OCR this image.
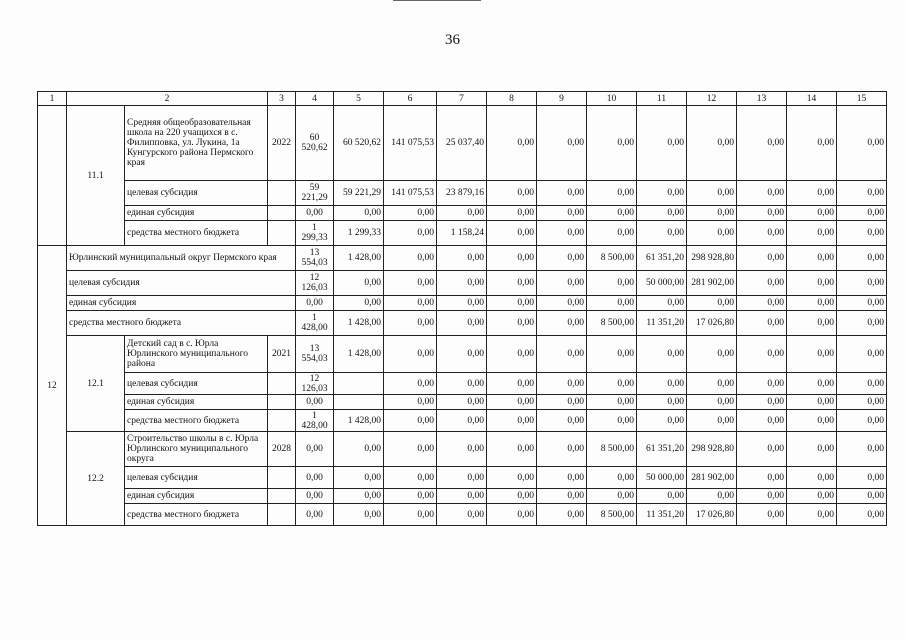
36
1	2		3	4	5	6	7	8	9	10	11	12	13	14	15
	11.1	Средняя общеобразовательная школа на 220 учащихся в с. Филипповка, ул. Лукина, 1а Кунгурского района Пермского края	2022	60 520,62	60 520,62	141 075,53	25 037,40	0,00	0,00	0,00	0,00	0,00	0,00	0,00	0,00
		целевая субсидия		59 221,29	59 221,29	141 075,53	23 879,16	0,00	0,00	0,00	0,00	0,00	0,00	0,00	0,00
		единая субсидия		0,00	0,00	0,00	0,00	0,00	0,00	0,00	0,00	0,00	0,00	0,00	0,00
		средства местного бюджета		1 299,33	1 299,33	0,00	1 158,24	0,00	0,00	0,00	0,00	0,00	0,00	0,00	0,00
12	Юрлинский муниципальный округ Пермского края			13 554,03	1 428,00	0,00	0,00	0,00	0,00	8 500,00	61 351,20	298 928,80	0,00	0,00	0,00
	целевая субсидия			12 126,03	0,00	0,00	0,00	0,00	0,00	0,00	50 000,00	281 902,00	0,00	0,00	0,00
	единая субсидия			0,00	0,00	0,00	0,00	0,00	0,00	0,00	0,00	0,00	0,00	0,00	0,00
	средства местного бюджета			1 428,00	1 428,00	0,00	0,00	0,00	0,00	8 500,00	11 351,20	17 026,80	0,00	0,00	0,00
	12.1	Детский сад в с. Юрла Юрлинского муниципального района	2021	13 554,03	1 428,00	0,00	0,00	0,00	0,00	0,00	0,00	0,00	0,00	0,00	0,00
		целевая субсидия		12 126,03		0,00	0,00	0,00	0,00	0,00	0,00	0,00	0,00	0,00	0,00
		единая субсидия		0,00		0,00	0,00	0,00	0,00	0,00	0,00	0,00	0,00	0,00	0,00
		средства местного бюджета		1 428,00	1 428,00	0,00	0,00	0,00	0,00	0,00	0,00	0,00	0,00	0,00	0,00
	12.2	Строительство школы в с. Юрла Юрлинского муниципального округа	2028	0,00	0,00	0,00	0,00	0,00	0,00	8 500,00	61 351,20	298 928,80	0,00	0,00	0,00
		целевая субсидия		0,00	0,00	0,00	0,00	0,00	0,00	0,00	50 000,00	281 902,00	0,00	0,00	0,00
		единая субсидия		0,00	0,00	0,00	0,00	0,00	0,00	0,00	0,00	0,00	0,00	0,00	0,00
		средства местного бюджета		0,00	0,00	0,00	0,00	0,00	0,00	8 500,00	11 351,20	17 026,80	0,00	0,00	0,00
